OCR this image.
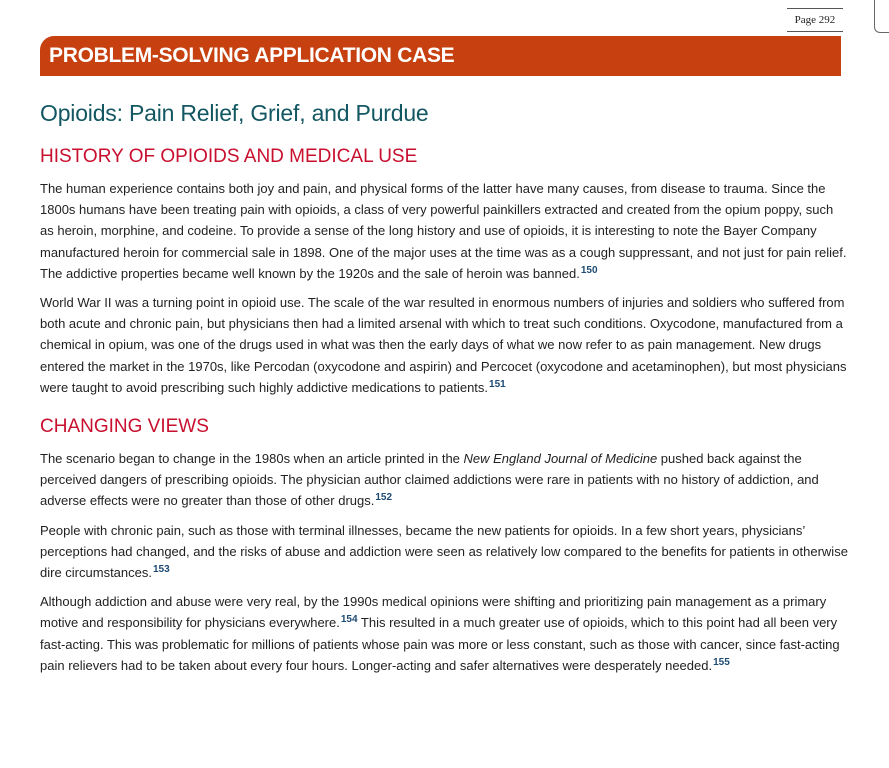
Page 292
PROBLEM-SOLVING APPLICATION CASE
Opioids: Pain Relief, Grief, and Purdue
HISTORY OF OPIOIDS AND MEDICAL USE

The human experience contains both joy and pain, and physical forms of the latter have many causes, from disease to trauma. Since the 1800s humans have been treating pain with opioids, a class of very powerful painkillers extracted and created from the opium poppy, such as heroin, morphine, and codeine. To provide a sense of the long history and use of opioids, it is interesting to note the Bayer Company manufactured heroin for commercial sale in 1898. One of the major uses at the time was as a cough suppressant, and not just for pain relief. The addictive properties became well known by the 1920s and the sale of heroin was banned.$^{150}$

World War II was a turning point in opioid use. The scale of the war resulted in enormous numbers of injuries and soldiers who suffered from both acute and chronic pain, but physicians then had a limited arsenal with which to treat such conditions. Oxycodone, manufactured from a chemical in opium, was one of the drugs used in what was then the early days of what we now refer to as pain management. New drugs entered the market in the 1970s, like Percodan (oxycodone and aspirin) and Percocet (oxycodone and acetaminophen), but most physicians were taught to avoid prescribing such highly addictive medications to patients.$^{151}$

CHANGING VIEWS

The scenario began to change in the 1980s when an article printed in the New England Journal of Medicine pushed back against the perceived dangers of prescribing opioids. The physician author claimed addictions were rare in patients with no history of addiction, and adverse effects were no greater than those of other drugs.$^{152}$

People with chronic pain, such as those with terminal illnesses, became the new patients for opioids. In a few short years, physicians’ perceptions had changed, and the risks of abuse and addiction were seen as relatively low compared to the benefits for patients in otherwise dire circumstances.$^{153}$

Although addiction and abuse were very real, by the 1990s medical opinions were shifting and prioritizing pain management as a primary motive and responsibility for physicians everywhere.$^{154}$ This resulted in a much greater use of opioids, which to this point had all been very fast-acting. This was problematic for millions of patients whose pain was more or less constant, such as those with cancer, since fast-acting pain relievers had to be taken about every four hours. Longer-acting and safer alternatives were desperately needed.$^{155}$
